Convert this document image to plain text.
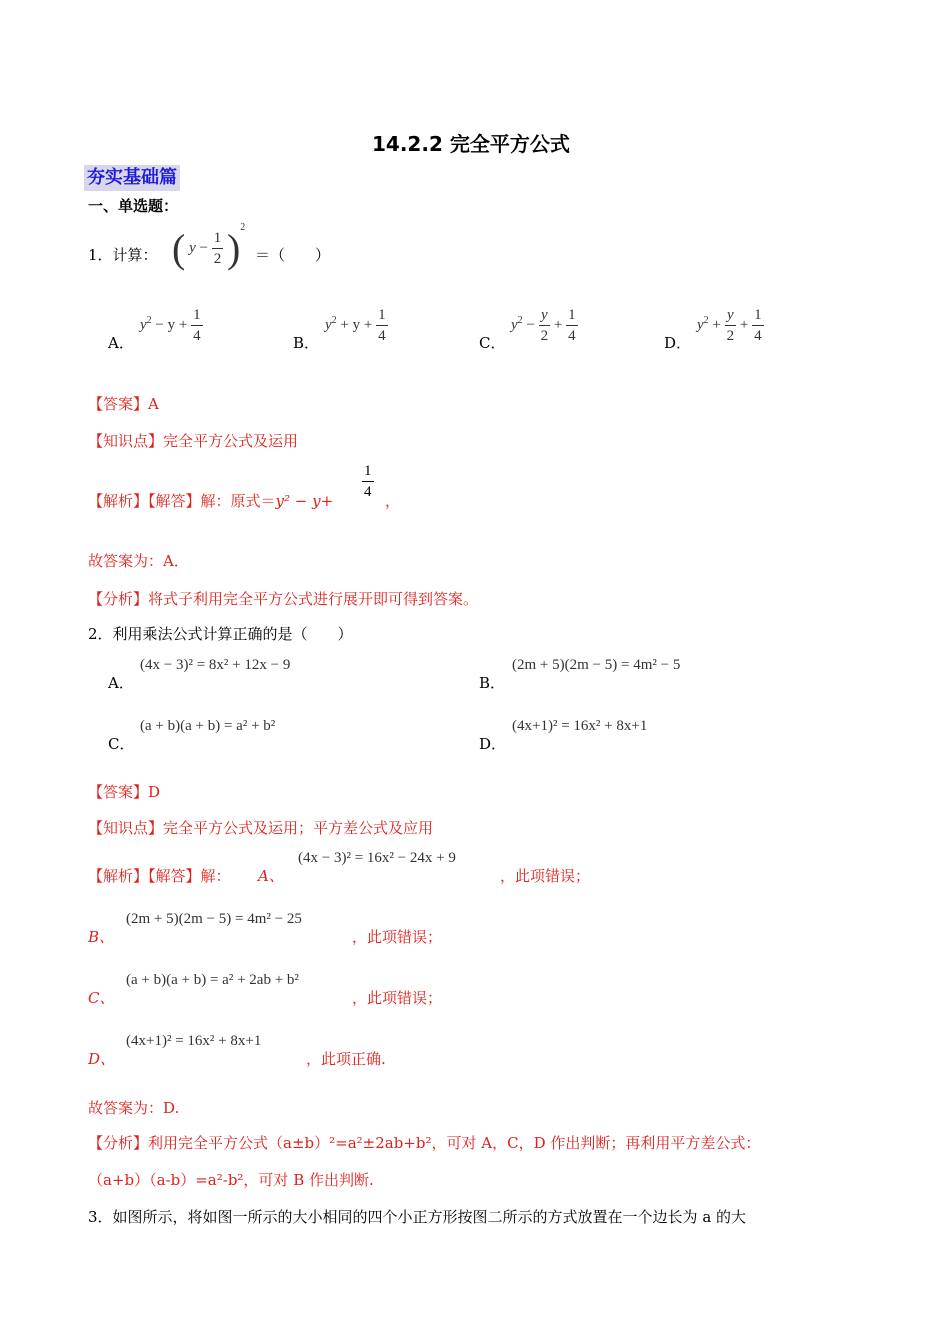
14.2.2 完全平方公式
夯实基础篇
一、单选题：
1．计算： ( $y - \frac{1}{2} )^2$
＝（　　）
A．
$y^2 - y + \frac{1}{4}$	B．
$y^2 + y + \frac{1}{4}$	C．
$y^2 - \frac{y}{2} + \frac{1}{4}$	D．
$y^2 + \frac{y}{2} + \frac{1}{4}$
【答案】A
【知识点】完全平方公式及运用
【解析】【解答】解：原式$=y^2 - y+ \frac{1}{4}$ ，
故答案为：A．
【分析】将式子利用完全平方公式进行展开即可得到答案。
2．利用乘法公式计算正确的是（　　）
A．
(4x − 3)² = 8x² + 12x − 9
B．
(2m + 5)(2m − 5) = 4m² − 5
C．
(a + b)(a + b) = a² + b²
D．
(4x+1)² = 16x² + 8x+1
【答案】D
【知识点】完全平方公式及运用；平方差公式及应用
【解析】【解答】解： A、
(4x − 3)² = 16x² − 24x + 9
，此项错误；
B、
(2m + 5)(2m − 5) = 4m² − 25
，此项错误；
C、
(a + b)(a + b) = a² + 2ab + b²
，此项错误；
D、
(4x+1)² = 16x² + 8x+1
，此项正确.
故答案为：D.
【分析】利用完全平方公式（a±b）²=a²±2ab+b²，可对 A，C，D 作出判断；再利用平方差公式：
（a+b）（a-b）=a²-b²，可对 B 作出判断.
3．如图所示，将如图一所示的大小相同的四个小正方形按图二所示的方式放置在一个边长为 a 的大
